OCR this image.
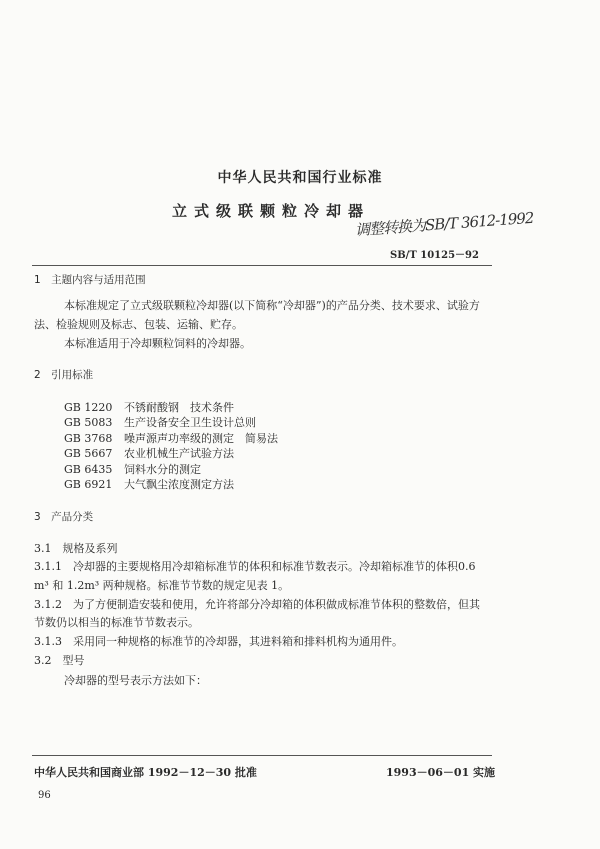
中华人民共和国行业标准
立式级联颗粒冷却器
调整转换为SB/T 3612-1992
SB/T 10125－92
1　主题内容与适用范围
本标准规定了立式级联颗粒冷却器(以下简称“冷却器”)的产品分类、技术要求、试验方
法、检验规则及标志、包装、运输、贮存。
本标准适用于冷却颗粒饲料的冷却器。
2　引用标准
GB 1220	不锈耐酸钢　技术条件
GB 5083	生产设备安全卫生设计总则
GB 3768	噪声源声功率级的测定　简易法
GB 5667	农业机械生产试验方法
GB 6435	饲料水分的测定
GB 6921	大气飘尘浓度测定方法
3　产品分类
3.1　规格及系列
3.1.1　冷却器的主要规格用冷却箱标准节的体积和标准节数表示。冷却箱标准节的体积0.6
m³ 和 1.2m³ 两种规格。标准节节数的规定见表 1。
3.1.2　为了方便制造安装和使用，允许将部分冷却箱的体积做成标准节体积的整数倍，但其
节数仍以相当的标准节节数表示。
3.1.3　采用同一种规格的标准节的冷却器，其进料箱和排料机构为通用件。
3.2　型号
冷却器的型号表示方法如下：
中华人民共和国商业部 1992－12－30 批准	1993－06－01 实施
96
